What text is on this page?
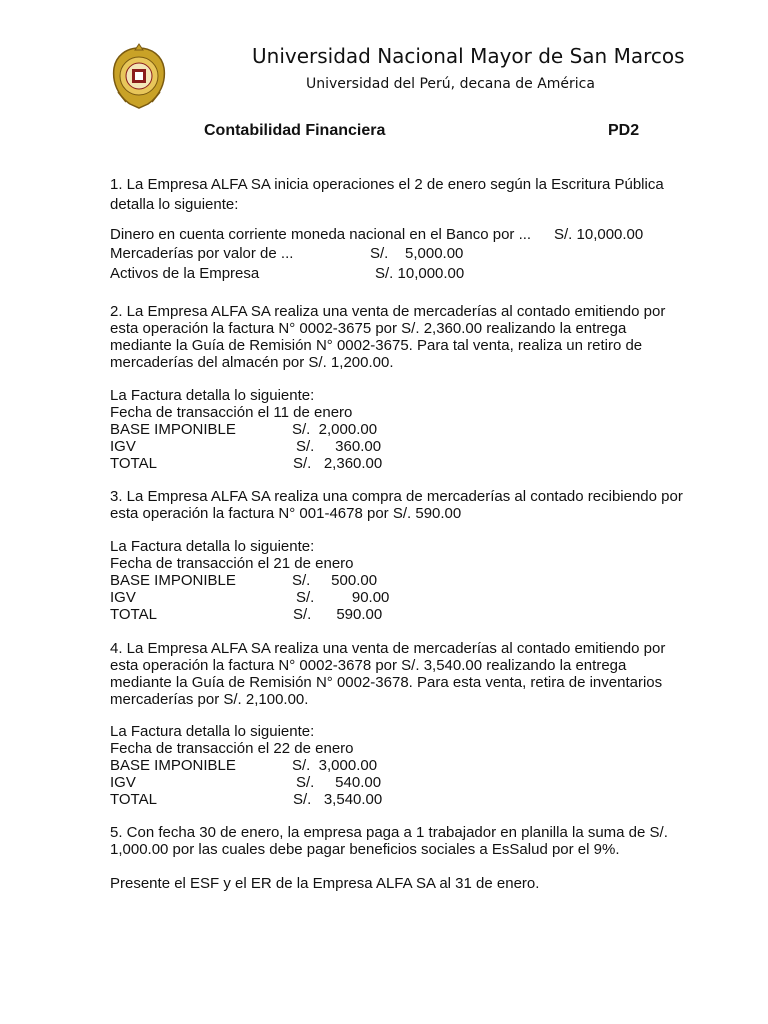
Universidad Nacional Mayor de San Marcos
Universidad del Perú, decana de América
Contabilidad Financiera	PD2
1. La Empresa ALFA SA inicia operaciones el 2 de enero según la Escritura Pública
detalla lo siguiente:
Dinero en cuenta corriente moneda nacional en el Banco por ... S/. 10,000.00
Mercaderías por valor de ...	S/.    5,000.00
Activos de la Empresa	S/. 10,000.00
2. La Empresa ALFA SA realiza una venta de mercaderías al contado emitiendo por
esta operación la factura N° 0002-3675 por S/. 2,360.00 realizando la entrega
mediante la Guía de Remisión N° 0002-3675. Para tal venta, realiza un retiro de
mercaderías del almacén por S/. 1,200.00.
La Factura detalla lo siguiente:
Fecha de transacción el 11 de enero
BASE IMPONIBLE	S/.  2,000.00
IGV	S/.     360.00
TOTAL	S/.   2,360.00
3. La Empresa ALFA SA realiza una compra de mercaderías al contado recibiendo por
esta operación la factura N° 001-4678 por S/. 590.00
La Factura detalla lo siguiente:
Fecha de transacción el 21 de enero
BASE IMPONIBLE	S/.     500.00
IGV	S/.         90.00
TOTAL	S/.      590.00
4. La Empresa ALFA SA realiza una venta de mercaderías al contado emitiendo por
esta operación la factura N° 0002-3678 por S/. 3,540.00 realizando la entrega
mediante la Guía de Remisión N° 0002-3678. Para esta venta, retira de inventarios
mercaderías por S/. 2,100.00.
La Factura detalla lo siguiente:
Fecha de transacción el 22 de enero
BASE IMPONIBLE	S/.  3,000.00
IGV	S/.     540.00
TOTAL	S/.   3,540.00
5. Con fecha 30 de enero, la empresa paga a 1 trabajador en planilla la suma de S/.
1,000.00 por las cuales debe pagar beneficios sociales a EsSalud por el 9%.
Presente el ESF y el ER de la Empresa ALFA SA al 31 de enero.
